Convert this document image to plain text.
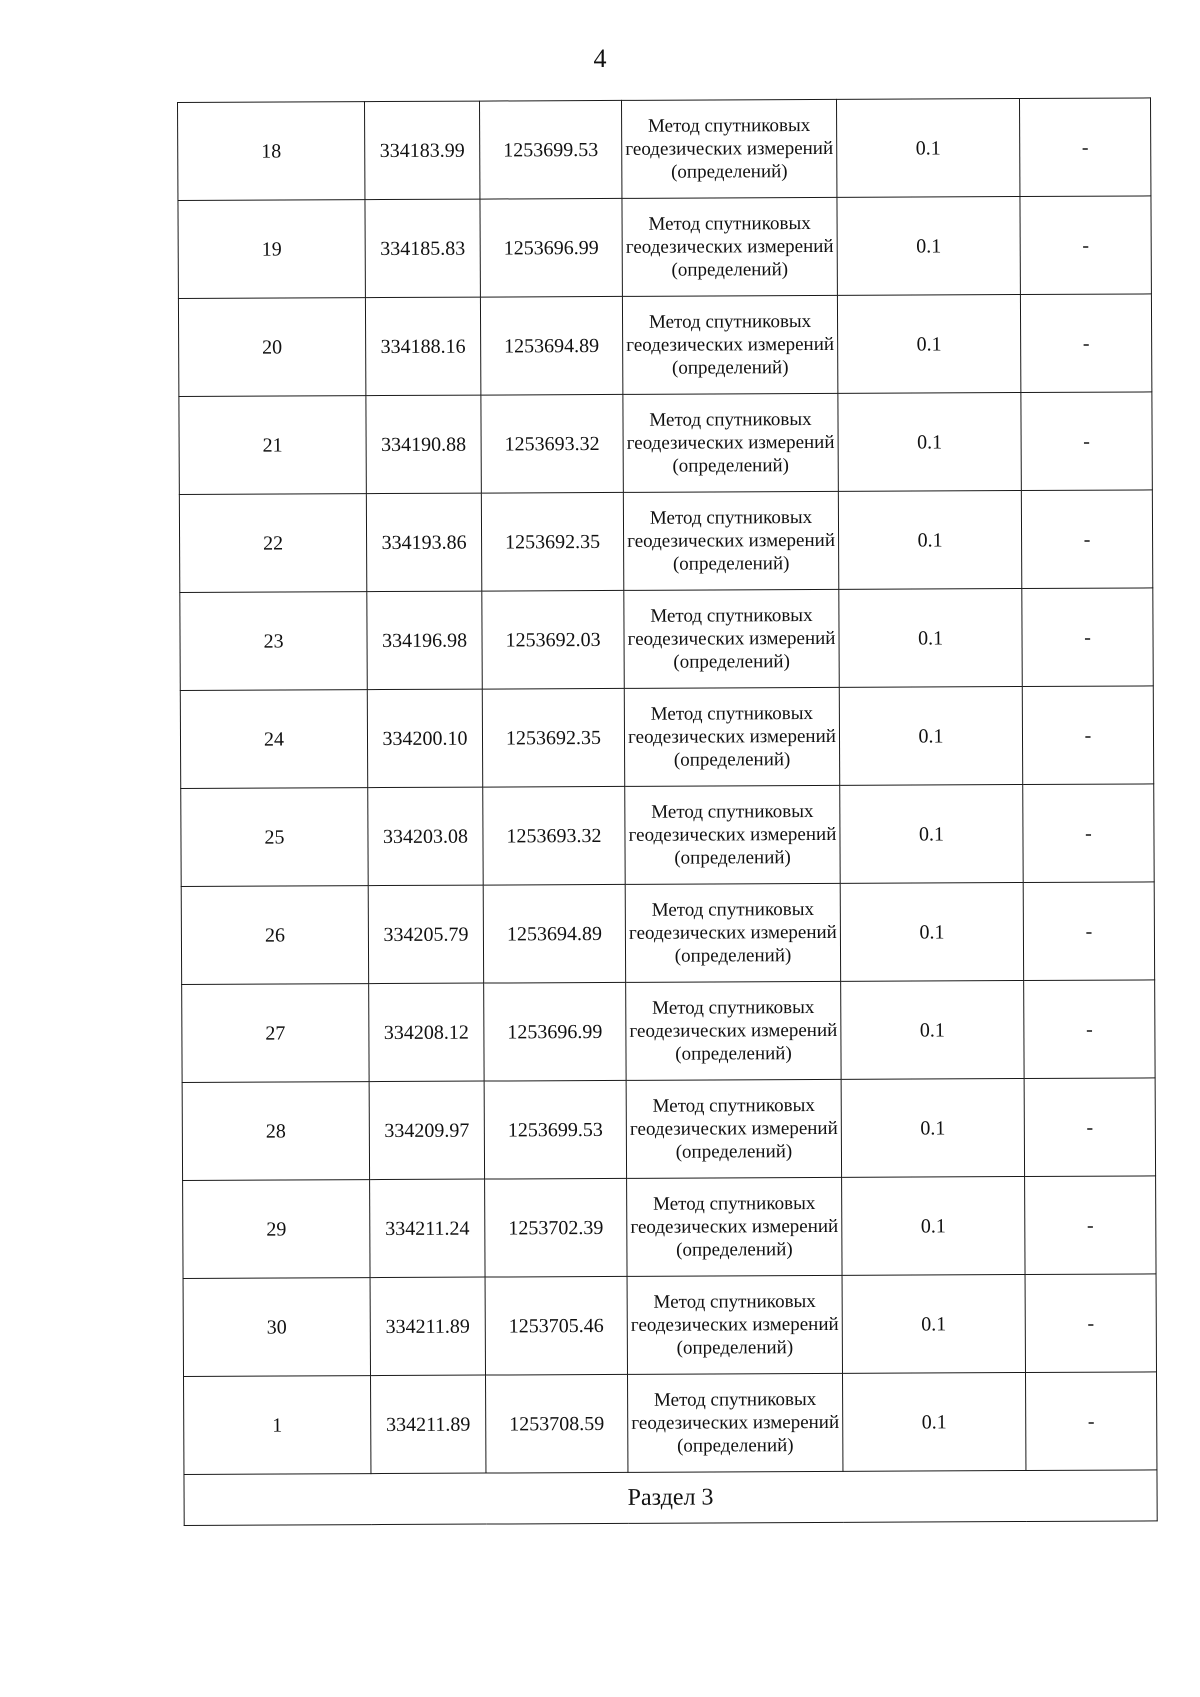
4
18	334183.99	1253699.53	Метод спутниковых геодезических измерений (определений)	0.1	-
19	334185.83	1253696.99	Метод спутниковых геодезических измерений (определений)	0.1	-
20	334188.16	1253694.89	Метод спутниковых геодезических измерений (определений)	0.1	-
21	334190.88	1253693.32	Метод спутниковых геодезических измерений (определений)	0.1	-
22	334193.86	1253692.35	Метод спутниковых геодезических измерений (определений)	0.1	-
23	334196.98	1253692.03	Метод спутниковых геодезических измерений (определений)	0.1	-
24	334200.10	1253692.35	Метод спутниковых геодезических измерений (определений)	0.1	-
25	334203.08	1253693.32	Метод спутниковых геодезических измерений (определений)	0.1	-
26	334205.79	1253694.89	Метод спутниковых геодезических измерений (определений)	0.1	-
27	334208.12	1253696.99	Метод спутниковых геодезических измерений (определений)	0.1	-
28	334209.97	1253699.53	Метод спутниковых геодезических измерений (определений)	0.1	-
29	334211.24	1253702.39	Метод спутниковых геодезических измерений (определений)	0.1	-
30	334211.89	1253705.46	Метод спутниковых геодезических измерений (определений)	0.1	-
1	334211.89	1253708.59	Метод спутниковых геодезических измерений (определений)	0.1	-
Раздел 3					
